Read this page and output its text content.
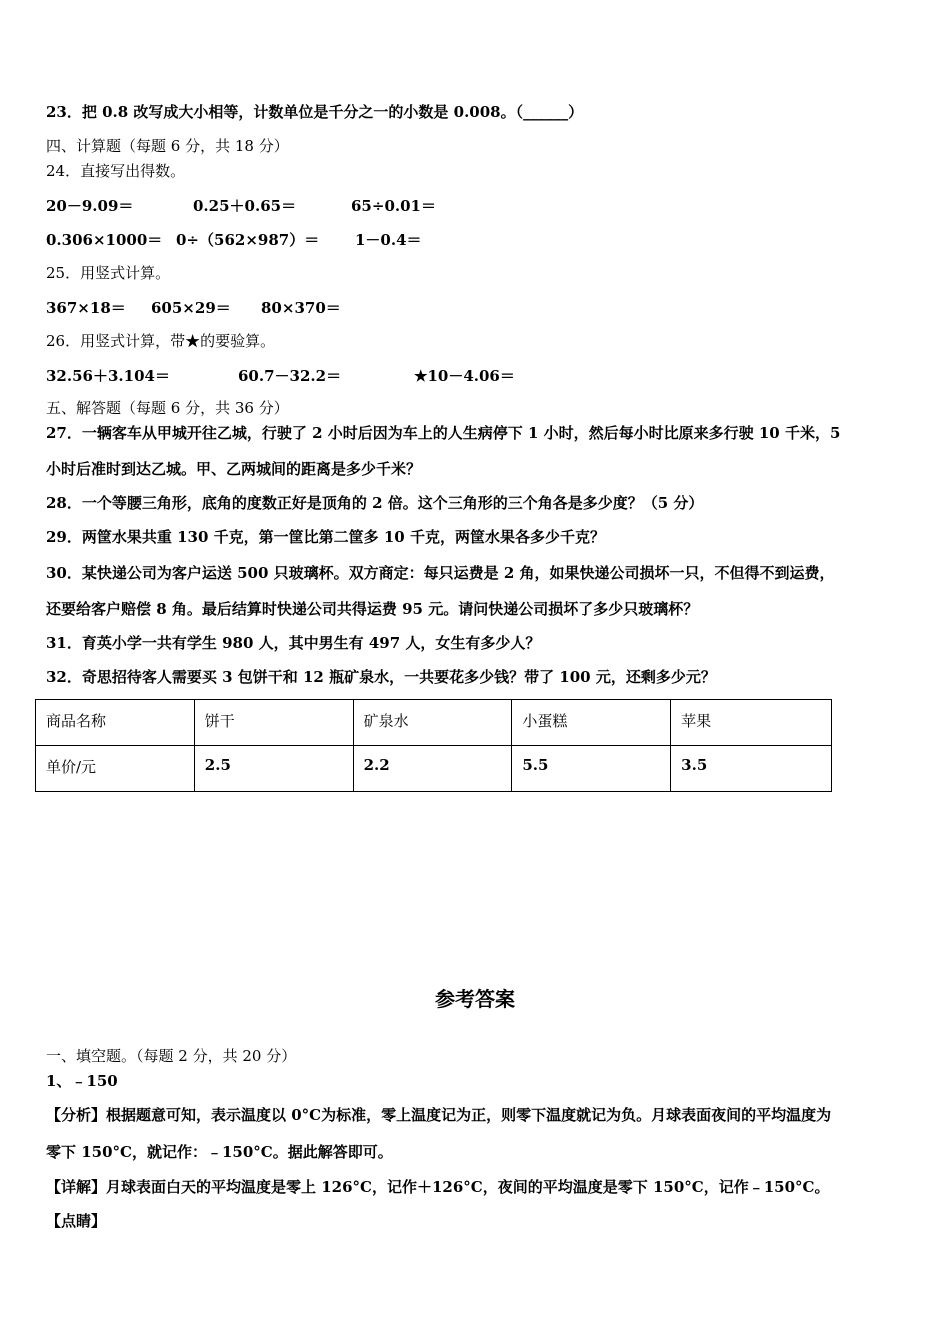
23．把 0.8 改写成大小相等，计数单位是千分之一的小数是 0.008。（______）
四、计算题（每题 6 分，共 18 分）
24．直接写出得数。
20－9.09＝	0.25＋0.65＝	65÷0.01＝
0.306×1000＝ 0÷（562×987）＝ 1－0.4＝
25．用竖式计算。
367×18＝ 605×29＝ 80×370＝
26．用竖式计算，带★的要验算。
32.56＋3.104＝	60.7－32.2＝	★10－4.06＝
五、解答题（每题 6 分，共 36 分）
27．一辆客车从甲城开往乙城，行驶了 2 小时后因为车上的人生病停下 1 小时，然后每小时比原来多行驶 10 千米，5
小时后准时到达乙城。甲、乙两城间的距离是多少千米？
28．一个等腰三角形，底角的度数正好是顶角的 2 倍。这个三角形的三个角各是多少度？（5 分）
29．两筐水果共重 130 千克，第一筐比第二筐多 10 千克，两筐水果各多少千克？
30．某快递公司为客户运送 500 只玻璃杯。双方商定：每只运费是 2 角，如果快递公司损坏一只，不但得不到运费，
还要给客户赔偿 8 角。最后结算时快递公司共得运费 95 元。请问快递公司损坏了多少只玻璃杯？
31．育英小学一共有学生 980 人，其中男生有 497 人，女生有多少人？
32．奇思招待客人需要买 3 包饼干和 12 瓶矿泉水，一共要花多少钱？带了 100 元，还剩多少元？
商品名称	饼干	矿泉水	小蛋糕	苹果
单价/元	2.5	2.2	5.5	3.5
参考答案
一、填空题。（每题 2 分，共 20 分）
1、﹣150
【分析】根据题意可知，表示温度以 0°C为标准，零上温度记为正，则零下温度就记为负。月球表面夜间的平均温度为
零下 150°C，就记作：﹣150°C。据此解答即可。
【详解】月球表面白天的平均温度是零上 126°C，记作＋126°C，夜间的平均温度是零下 150°C，记作﹣150°C。
【点睛】
